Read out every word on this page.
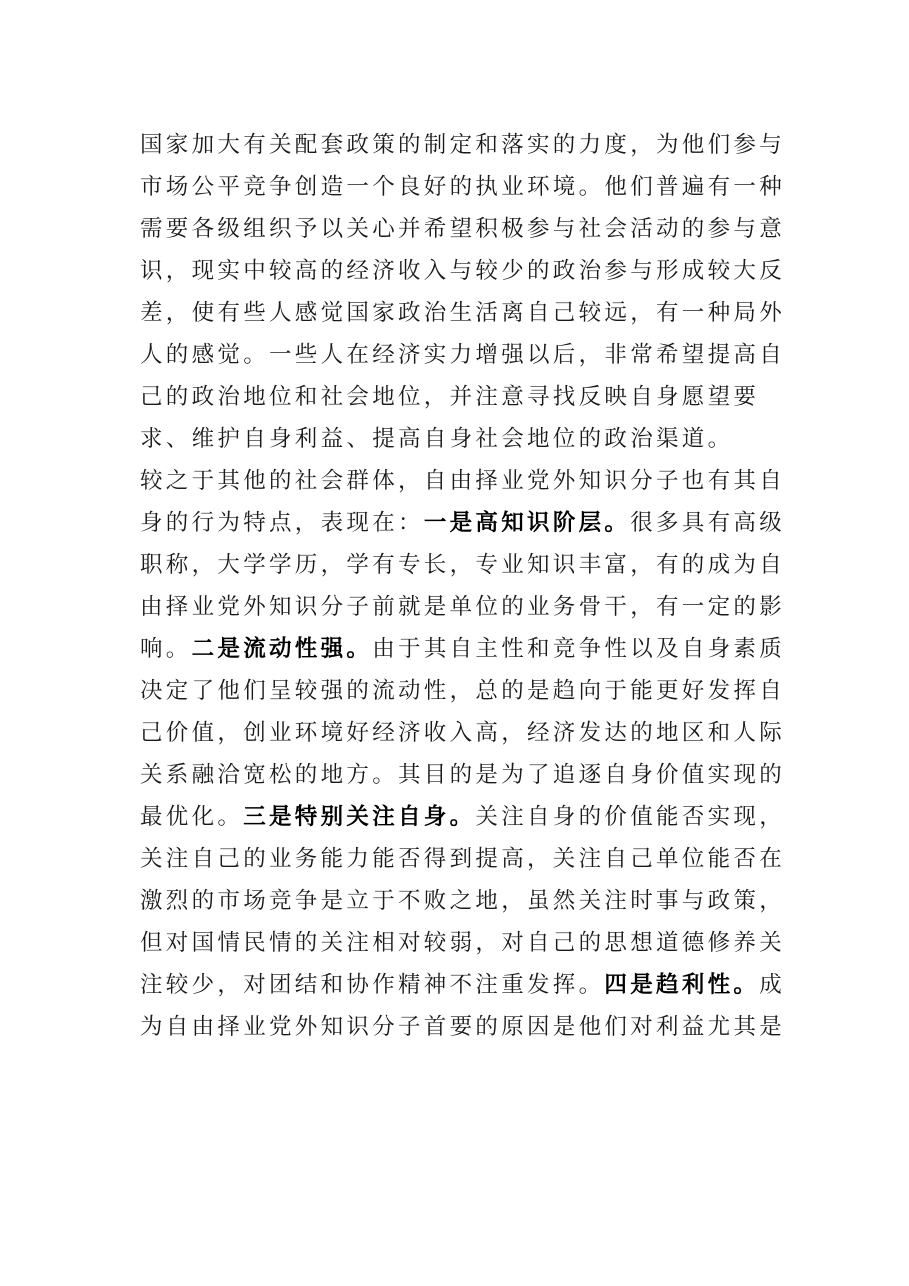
国家加大有关配套政策的制定和落实的力度，为他们参与
市场公平竞争创造一个良好的执业环境。他们普遍有一种
需要各级组织予以关心并希望积极参与社会活动的参与意
识，现实中较高的经济收入与较少的政治参与形成较大反
差，使有些人感觉国家政治生活离自己较远，有一种局外
人的感觉。一些人在经济实力增强以后，非常希望提高自
己的政治地位和社会地位，并注意寻找反映自身愿望要
求、维护自身利益、提高自身社会地位的政治渠道。
较之于其他的社会群体，自由择业党外知识分子也有其自
身的行为特点，表现在：一是高知识阶层。很多具有高级
职称，大学学历，学有专长，专业知识丰富，有的成为自
由择业党外知识分子前就是单位的业务骨干，有一定的影
响。二是流动性强。由于其自主性和竞争性以及自身素质
决定了他们呈较强的流动性，总的是趋向于能更好发挥自
己价值，创业环境好经济收入高，经济发达的地区和人际
关系融洽宽松的地方。其目的是为了追逐自身价值实现的
最优化。三是特别关注自身。关注自身的价值能否实现，
关注自己的业务能力能否得到提高，关注自己单位能否在
激烈的市场竞争是立于不败之地，虽然关注时事与政策，
但对国情民情的关注相对较弱，对自己的思想道德修养关
注较少，对团结和协作精神不注重发挥。四是趋利性。成
为自由择业党外知识分子首要的原因是他们对利益尤其是
